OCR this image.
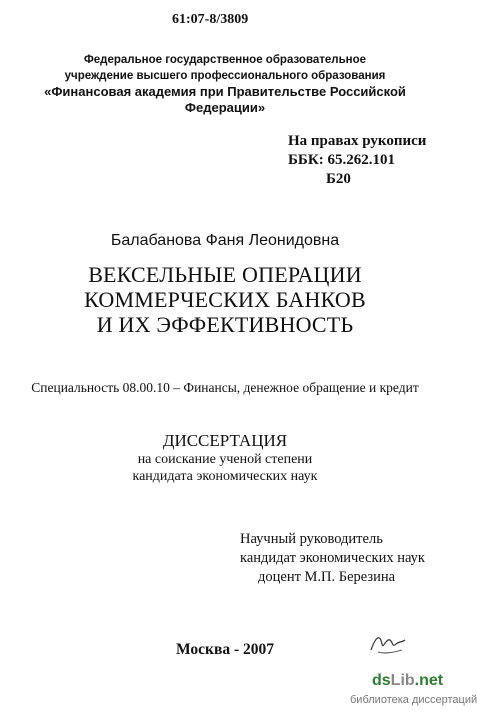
61:07-8/3809
Федеральное государственное образовательное
учреждение высшего профессионального образования
«Финансовая академия при Правительстве Российской
Федерации»
На правах рукописи
ББК: 65.262.101
Б20
Балабанова Фаня Леонидовна
ВЕКСЕЛЬНЫЕ ОПЕРАЦИИ
КОММЕРЧЕСКИХ БАНКОВ
И ИХ ЭФФЕКТИВНОСТЬ
Специальность 08.00.10 – Финансы, денежное обращение и кредит
ДИССЕРТАЦИЯ
на соискание ученой степени
кандидата экономических наук
Научный руководитель
кандидат экономических наук
доцент М.П. Березина
Москва - 2007
dsLib.net
библиотека диссертаций
